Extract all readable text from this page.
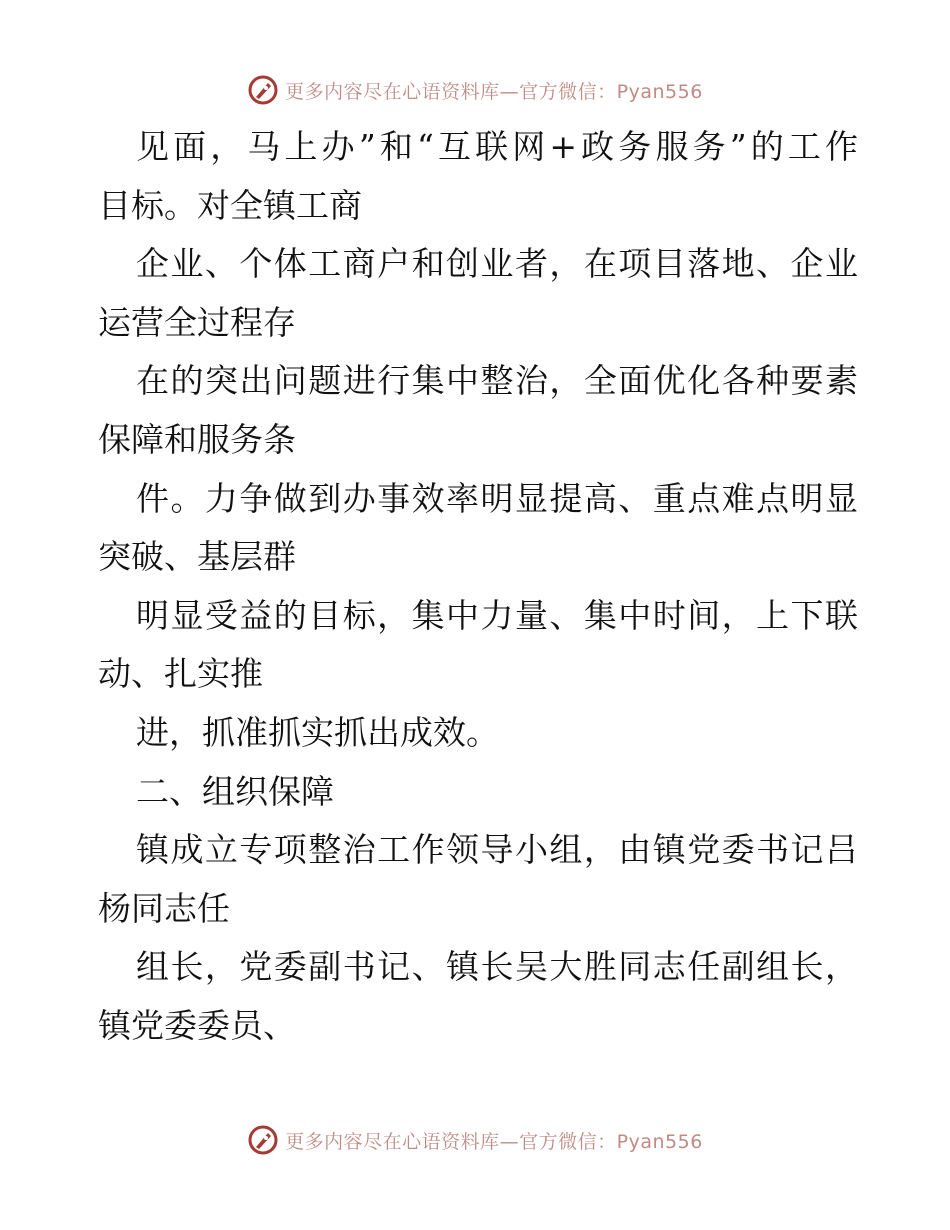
更多内容尽在心语资料库—官方微信：Pyan556
见面，马上办”和“互联网+政务服务”的工作
目标。对全镇工商
企业、个体工商户和创业者，在项目落地、企业
运营全过程存
在的突出问题进行集中整治，全面优化各种要素
保障和服务条
件。力争做到办事效率明显提高、重点难点明显
突破、基层群
明显受益的目标，集中力量、集中时间，上下联
动、扎实推
进，抓准抓实抓出成效。
二、组织保障
镇成立专项整治工作领导小组，由镇党委书记吕
杨同志任
组长，党委副书记、镇长吴大胜同志任副组长，
镇党委委员、
更多内容尽在心语资料库—官方微信：Pyan556
